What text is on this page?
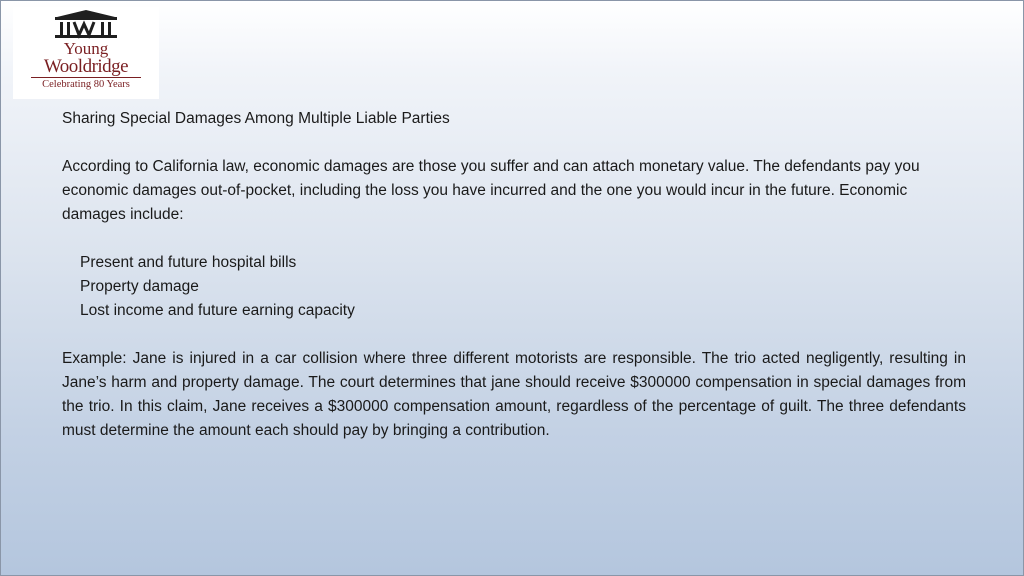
Young
Wooldridge
Celebrating 80 Years

Sharing Special Damages Among Multiple Liable Parties

According to California law, economic damages are those you suffer and can attach monetary value. The defendants pay you economic damages out-of-pocket, including the loss you have incurred and the one you would incur in the future. Economic damages include:

Present and future hospital bills
Property damage
Lost income and future earning capacity

Example: Jane is injured in a car collision where three different motorists are responsible. The trio acted negligently, resulting in Jane’s harm and property damage. The court determines that jane should receive $300000 compensation in special damages from the trio. In this claim, Jane receives a $300000 compensation amount, regardless of the percentage of guilt. The three defendants must determine the amount each should pay by bringing a contribution.
